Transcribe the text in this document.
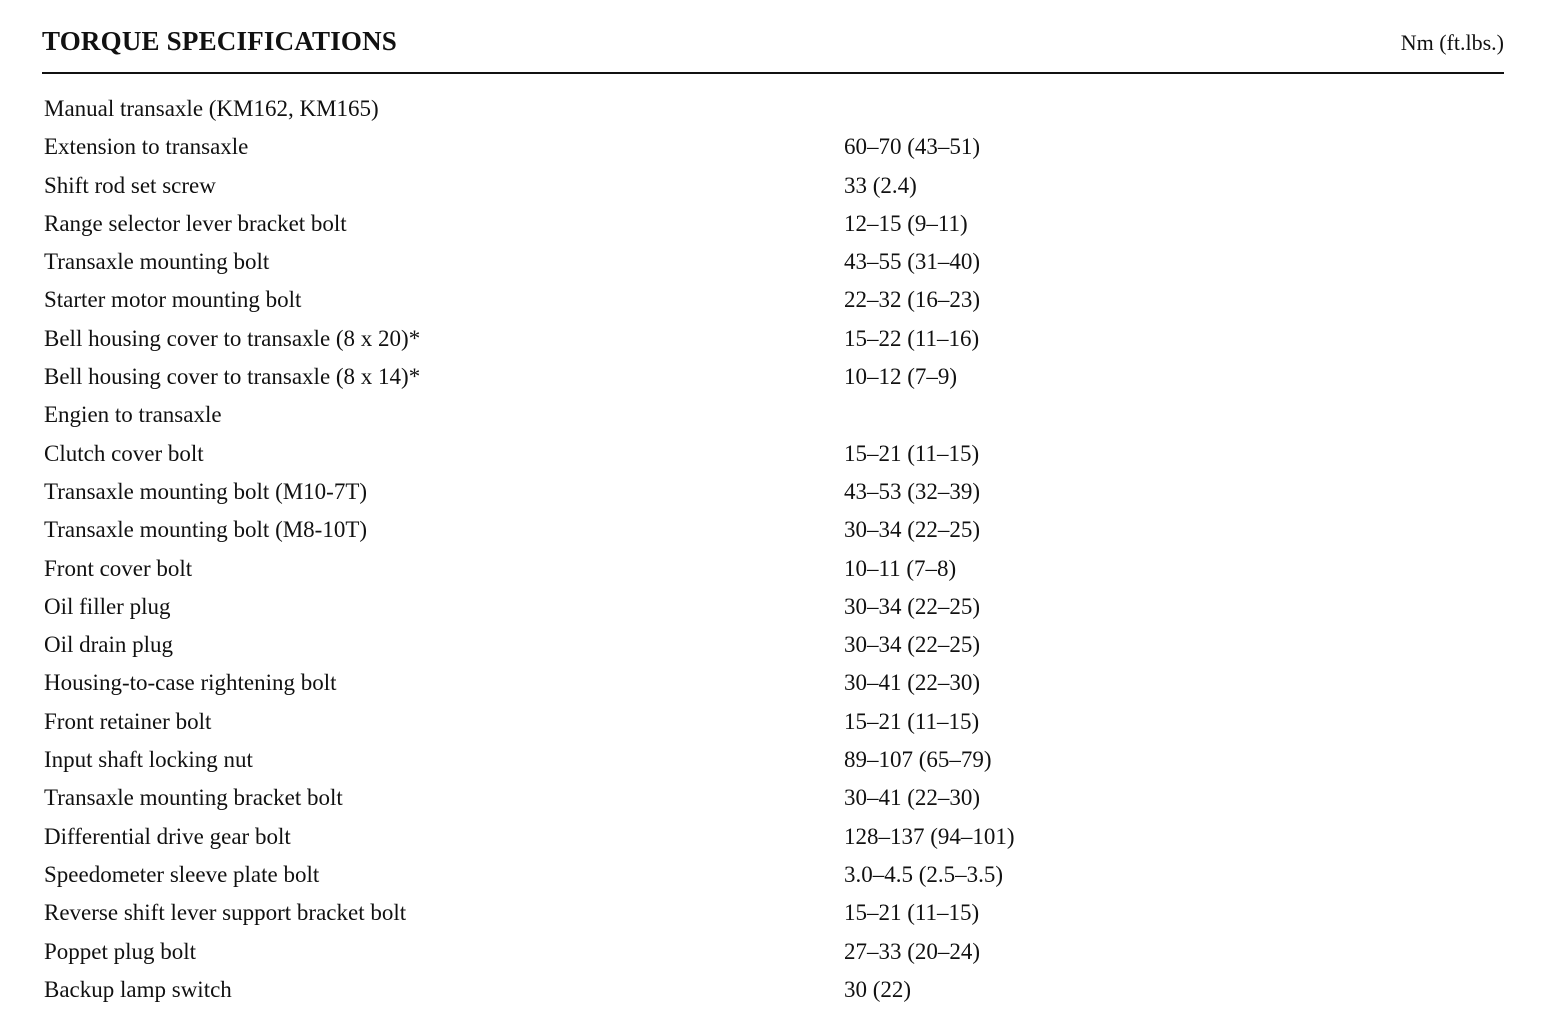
TORQUE SPECIFICATIONS	Nm (ft.lbs.)
Manual transaxle (KM162, KM165)
Extension to transaxle	60–70 (43–51)
Shift rod set screw	33 (2.4)
Range selector lever bracket bolt	12–15 (9–11)
Transaxle mounting bolt	43–55 (31–40)
Starter motor mounting bolt	22–32 (16–23)
Bell housing cover to transaxle (8 x 20)*	15–22 (11–16)
Bell housing cover to transaxle (8 x 14)*	10–12 (7–9)
Engien to transaxle
Clutch cover bolt	15–21 (11–15)
Transaxle mounting bolt (M10-7T)	43–53 (32–39)
Transaxle mounting bolt (M8-10T)	30–34 (22–25)
Front cover bolt	10–11 (7–8)
Oil filler plug	30–34 (22–25)
Oil drain plug	30–34 (22–25)
Housing-to-case rightening bolt	30–41 (22–30)
Front retainer bolt	15–21 (11–15)
Input shaft locking nut	89–107 (65–79)
Transaxle mounting bracket bolt	30–41 (22–30)
Differential drive gear bolt	128–137 (94–101)
Speedometer sleeve plate bolt	3.0–4.5 (2.5–3.5)
Reverse shift lever support bracket bolt	15–21 (11–15)
Poppet plug bolt	27–33 (20–24)
Backup lamp switch	30 (22)
